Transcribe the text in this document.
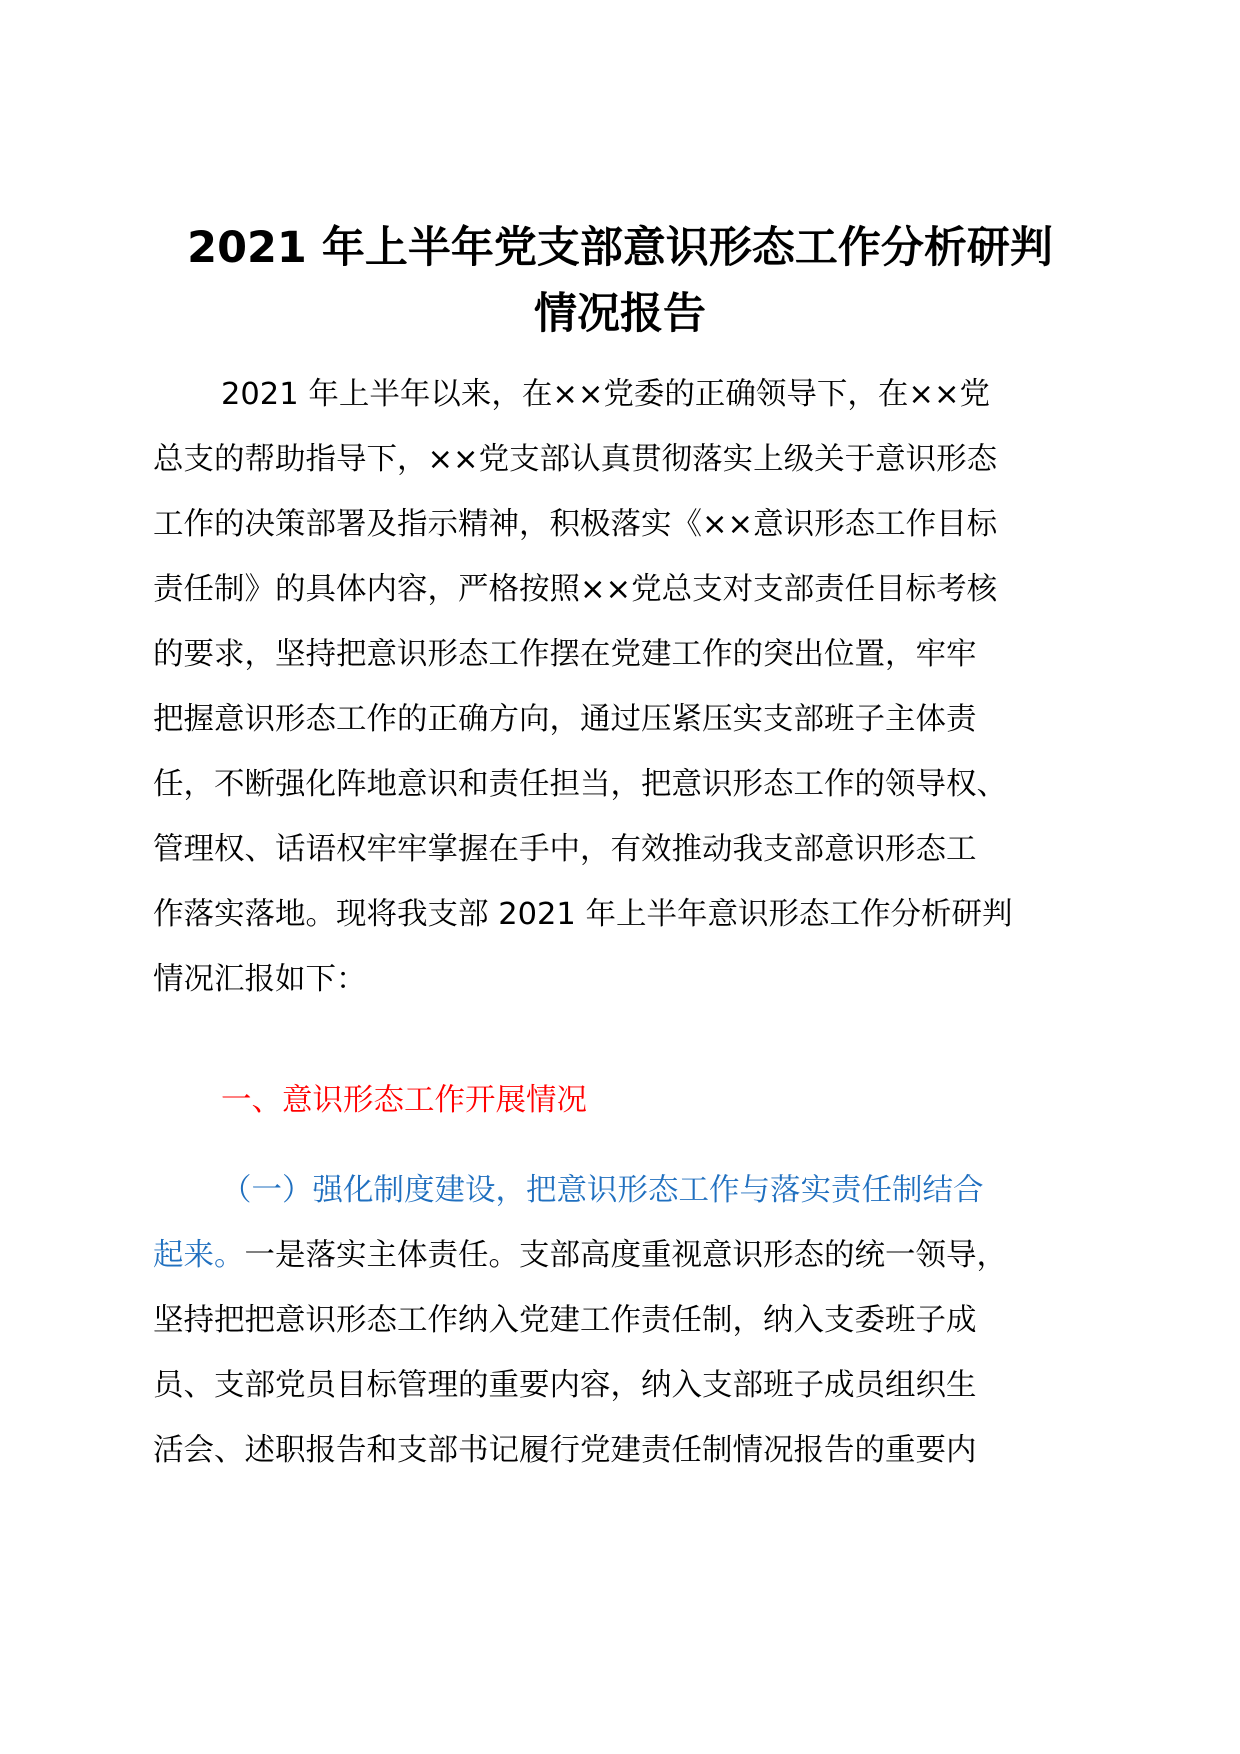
2021 年上半年党支部意识形态工作分析研判
情况报告
2021 年上半年以来，在××党委的正确领导下，在××党
总支的帮助指导下，××党支部认真贯彻落实上级关于意识形态
工作的决策部署及指示精神，积极落实《××意识形态工作目标
责任制》的具体内容，严格按照××党总支对支部责任目标考核
的要求，坚持把意识形态工作摆在党建工作的突出位置，牢牢
把握意识形态工作的正确方向，通过压紧压实支部班子主体责
任，不断强化阵地意识和责任担当，把意识形态工作的领导权、
管理权、话语权牢牢掌握在手中，有效推动我支部意识形态工
作落实落地。现将我支部 2021 年上半年意识形态工作分析研判
情况汇报如下：
一、意识形态工作开展情况
（一）强化制度建设，把意识形态工作与落实责任制结合
起来。一是落实主体责任。支部高度重视意识形态的统一领导，
坚持把把意识形态工作纳入党建工作责任制，纳入支委班子成
员、支部党员目标管理的重要内容，纳入支部班子成员组织生
活会、述职报告和支部书记履行党建责任制情况报告的重要内
